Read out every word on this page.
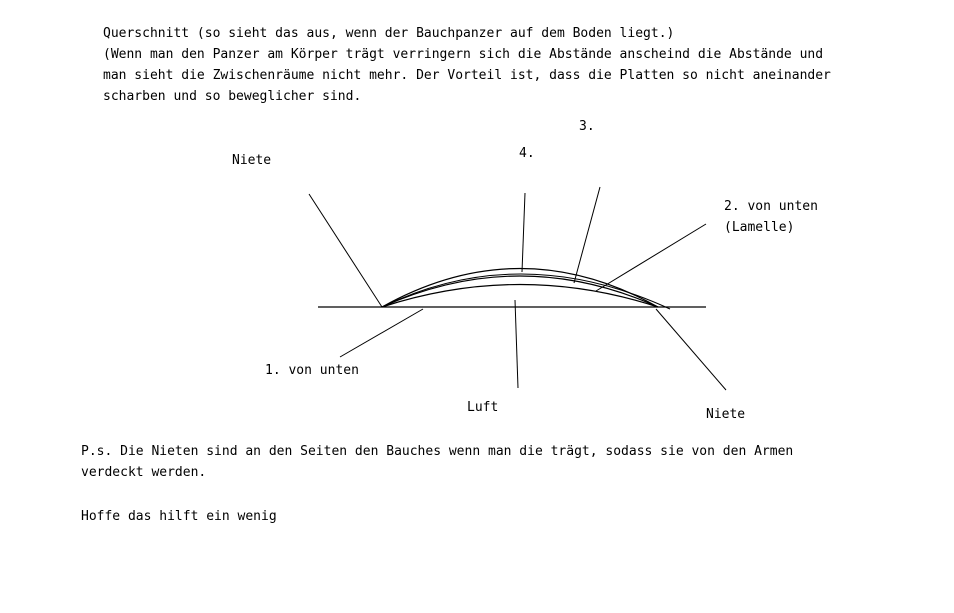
Querschnitt (so sieht das aus, wenn der Bauchpanzer auf dem Boden liegt.)
(Wenn man den Panzer am Körper trägt verringern sich die Abstände anscheind die Abstände und
man sieht die Zwischenräume nicht mehr. Der Vorteil ist, dass die Platten so nicht aneinander
scharben und so beweglicher sind.
Niete	4.
3.
2. von unten
(Lamelle)
1. von unten
Luft	Niete
P.s. Die Nieten sind an den Seiten den Bauches wenn man die trägt, sodass sie von den Armen
verdeckt werden.
Hoffe das hilft ein wenig
